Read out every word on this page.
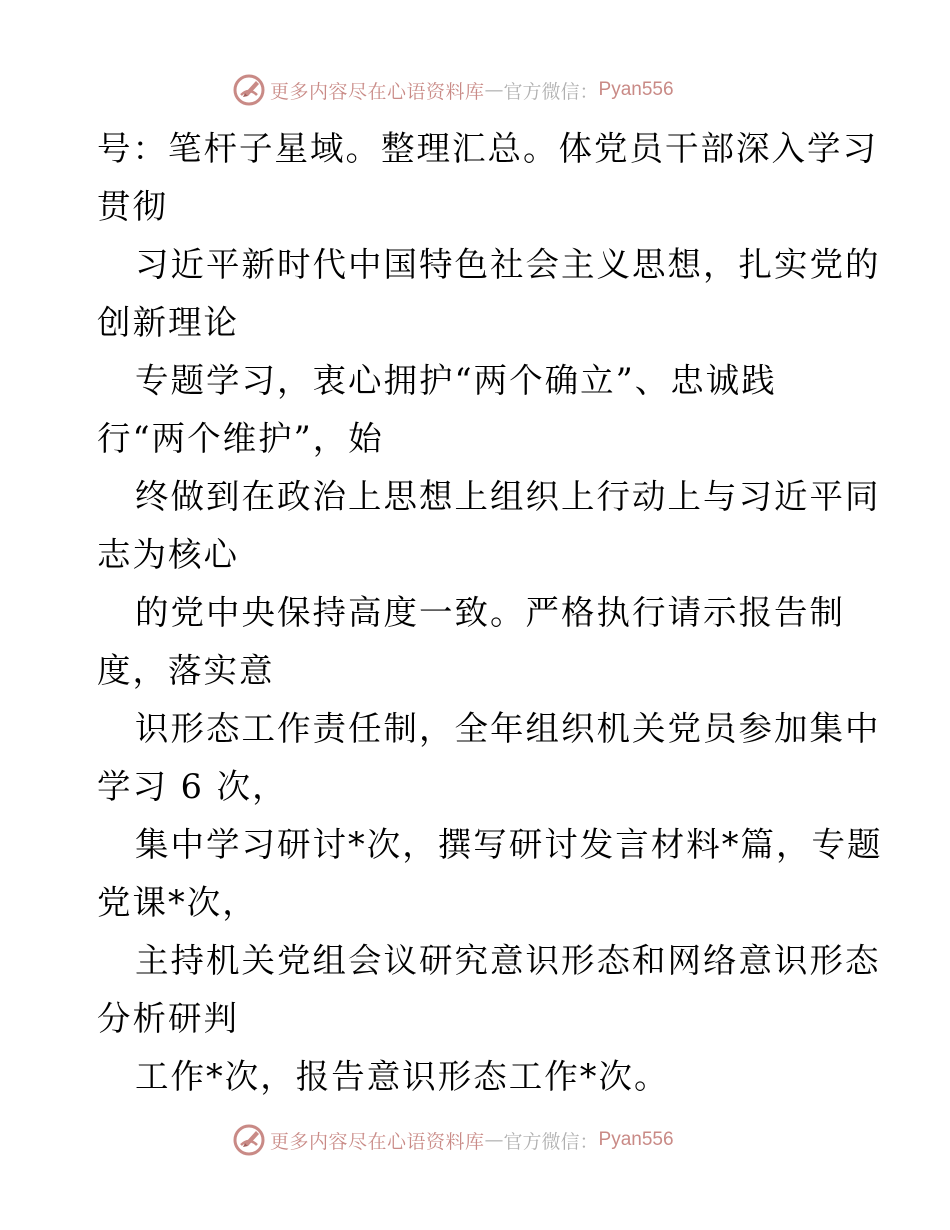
更多内容尽在心语资料库 — 官方微信： Pyan556
号：笔杆子星域。整理汇总。体党员干部深入学习
贯彻
习近平新时代中国特色社会主义思想，扎实党的
创新理论
专题学习，衷心拥护“两个确立”、忠诚践
行“两个维护”，始
终做到在政治上思想上组织上行动上与习近平同
志为核心
的党中央保持高度一致。严格执行请示报告制
度，落实意
识形态工作责任制，全年组织机关党员参加集中
学习 6 次，
集中学习研讨*次，撰写研讨发言材料*篇，专题
党课*次，
主持机关党组会议研究意识形态和网络意识形态
分析研判
工作*次，报告意识形态工作*次。
更多内容尽在心语资料库 — 官方微信： Pyan556
